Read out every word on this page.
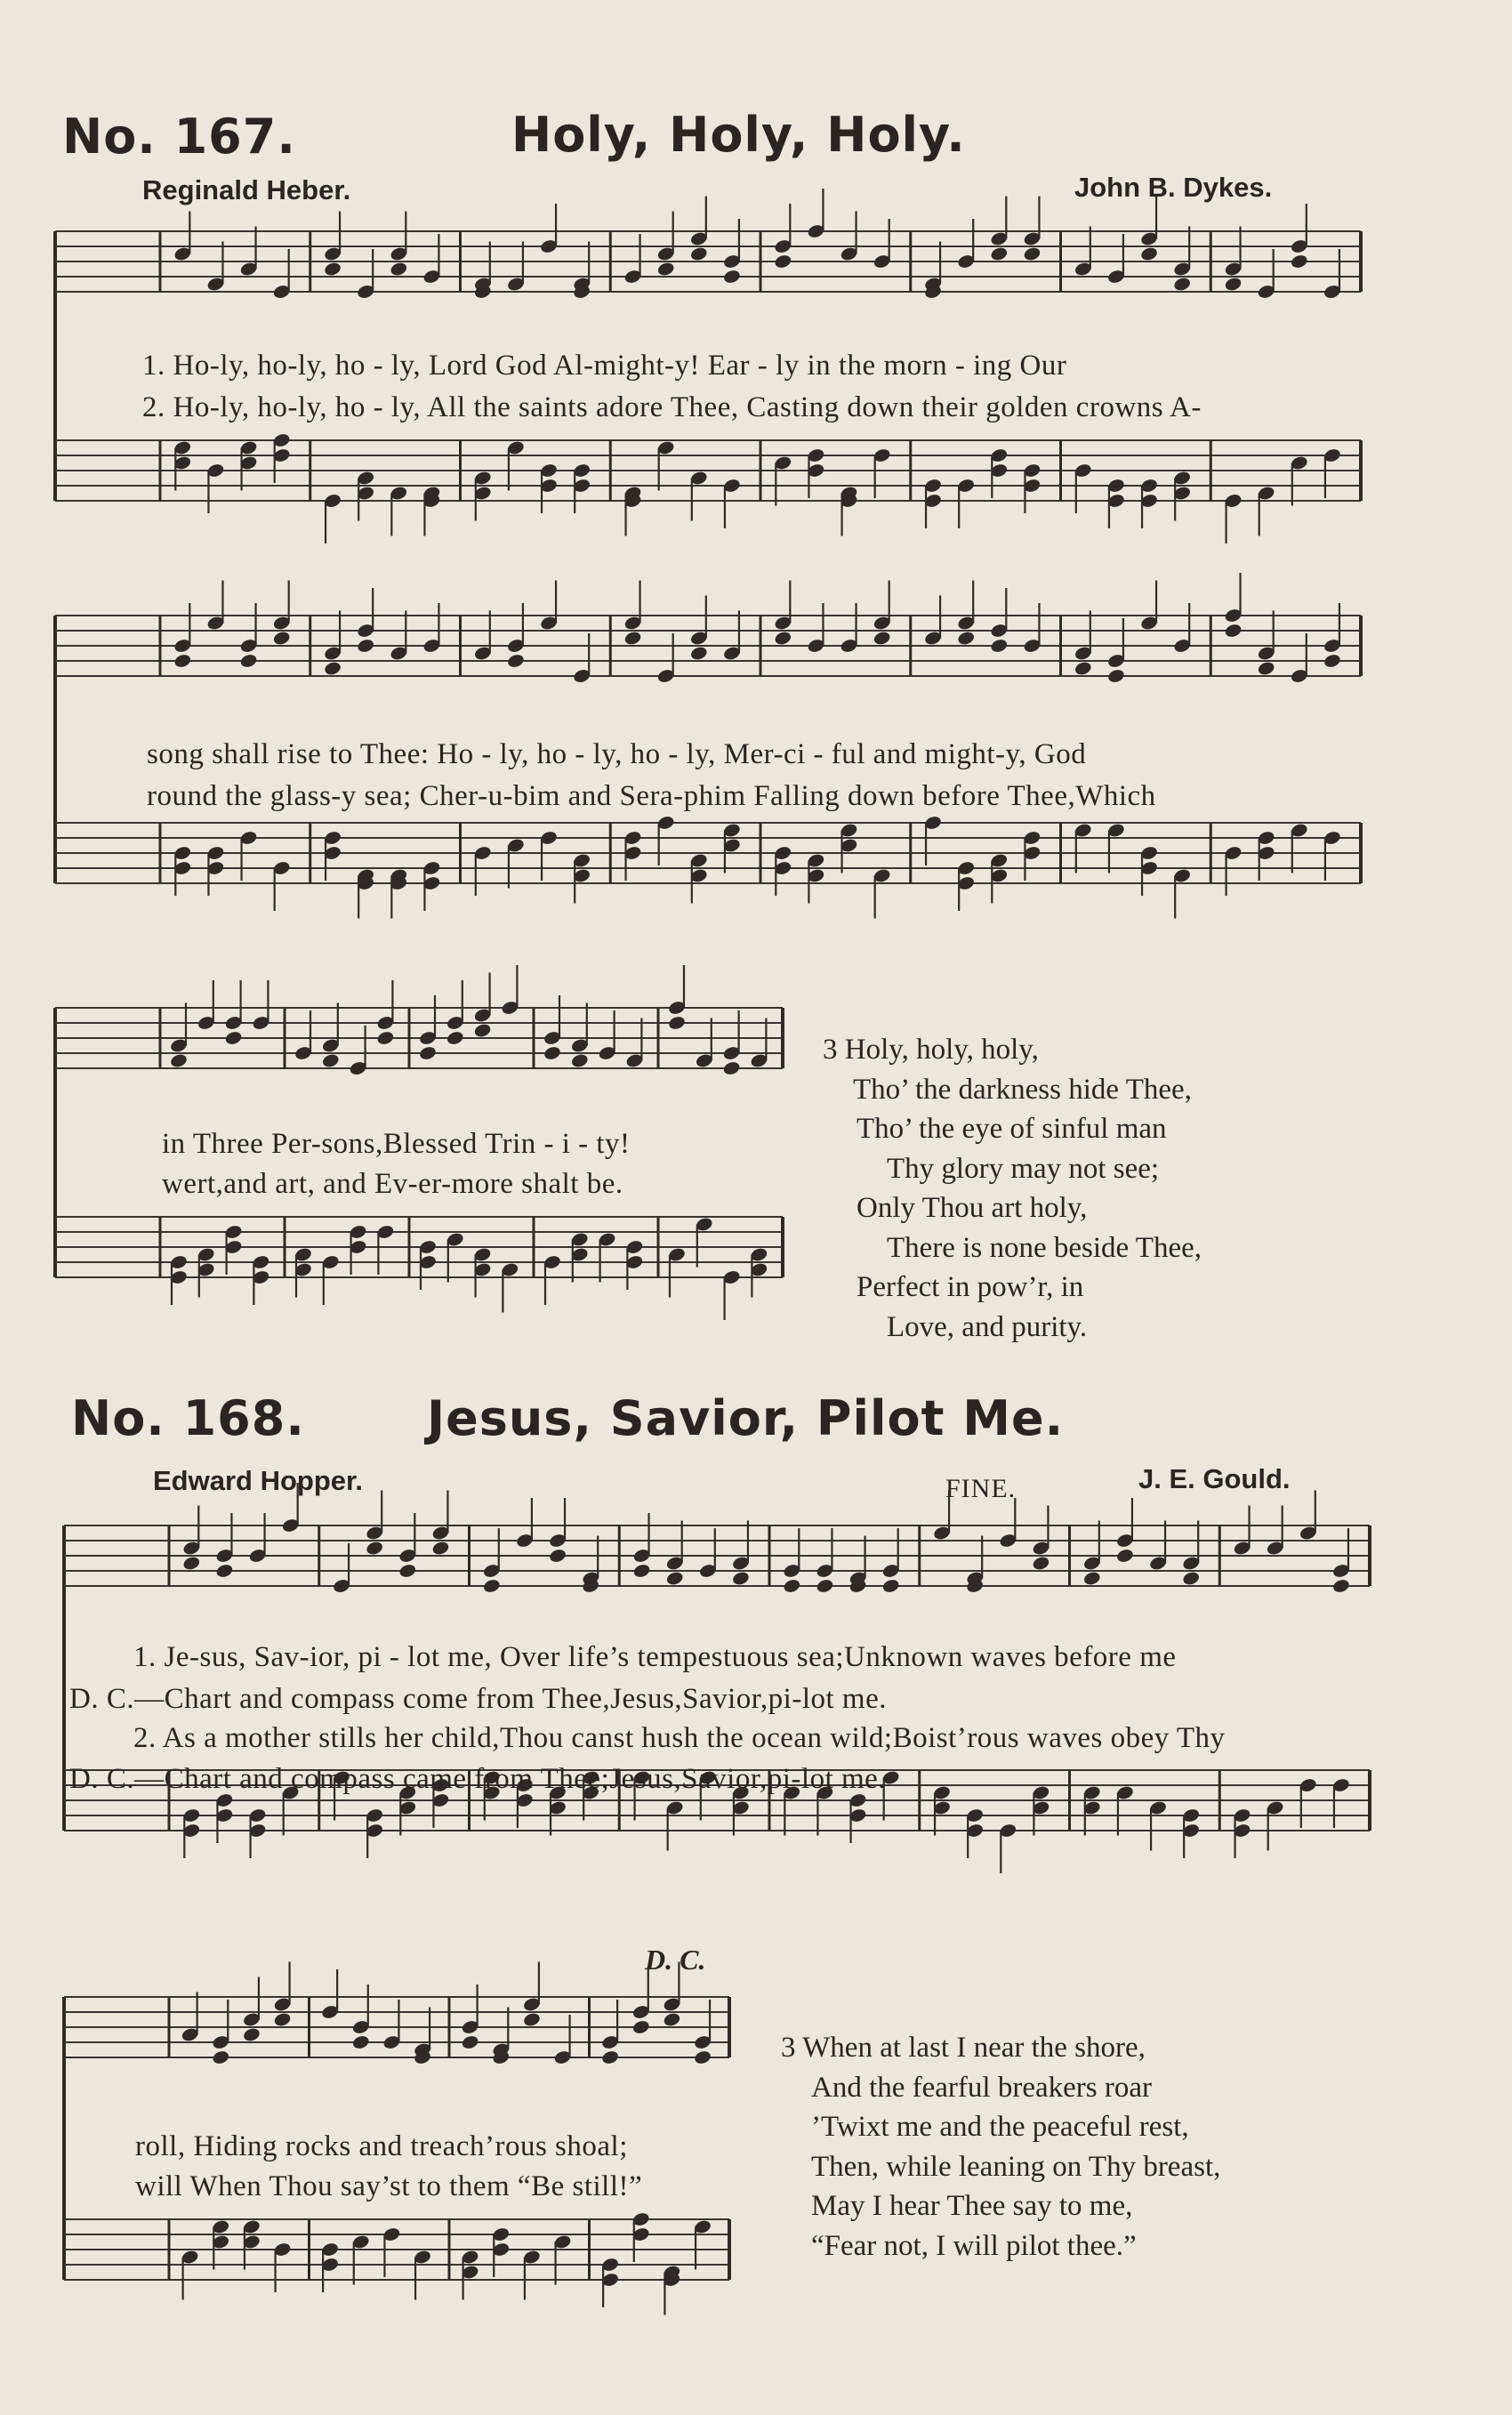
No. 167.	Holy, Holy, Holy.
Reginald Heber.	John B. Dykes.
1. Ho-ly, ho-ly, ho - ly, Lord God Al-might-y! Ear - ly in the morn - ing Our
2. Ho-ly, ho-ly, ho - ly, All the saints adore Thee, Casting down their golden crowns A-
song shall rise to Thee: Ho - ly, ho - ly, ho - ly, Mer-ci - ful and might-y, God
round the glass-y sea; Cher-u-bim and Sera-phim Falling down before Thee,Which
in Three Per-sons,Blessed Trin - i - ty!
wert,and art, and Ev-er-more shalt be.
3 Holy, holy, holy,
Tho’ the darkness hide Thee,
Tho’ the eye of sinful man
Thy glory may not see;
Only Thou art holy,
There is none beside Thee,
Perfect in pow’r, in
Love, and purity.
No. 168.	Jesus, Savior, Pilot Me.
Edward Hopper.	J. E. Gould.
FINE.
1. Je-sus, Sav-ior, pi - lot me, Over life’s tempestuous sea;Unknown waves before me
D. C.—Chart and compass come from Thee,Jesus,Savior,pi-lot me.
2. As a mother stills her child,Thou canst hush the ocean wild;Boist’rous waves obey Thy
D. C.—Chart and compass came from Thee;Jesus,Savior,pi-lot me.
D. C.
roll, Hiding rocks and treach’rous shoal;
will When Thou say’st to them “Be still!”
3 When at last I near the shore,
And the fearful breakers roar
’Twixt me and the peaceful rest,
Then, while leaning on Thy breast,
May I hear Thee say to me,
“Fear not, I will pilot thee.”
